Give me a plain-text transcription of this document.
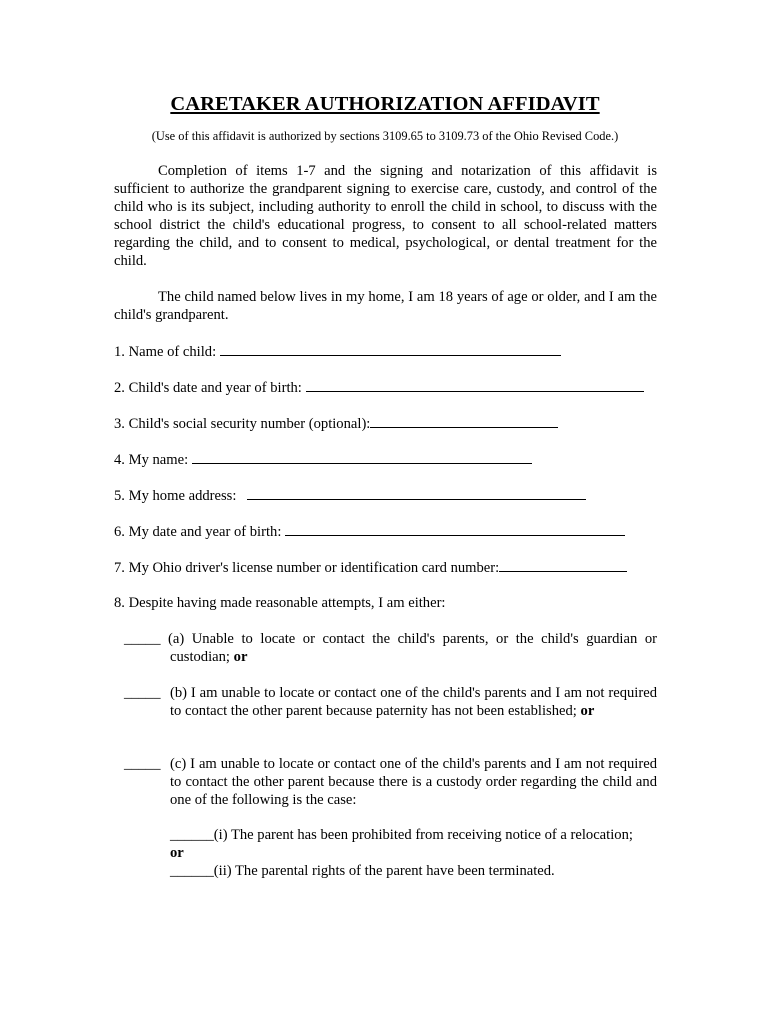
CARETAKER AUTHORIZATION AFFIDAVIT
(Use of this affidavit is authorized by sections 3109.65 to 3109.73 of the Ohio Revised Code.)
Completion of items 1-7 and the signing and notarization of this affidavit is sufficient to authorize the grandparent signing to exercise care, custody, and control of the child who is its subject, including authority to enroll the child in school, to discuss with the school district the child's educational progress, to consent to all school-related matters regarding the child, and to consent to medical, psychological, or dental treatment for the child.
The child named below lives in my home, I am 18 years of age or older, and I am the child's grandparent.
1. Name of child:
2. Child's date and year of birth:
3. Child's social security number (optional):
4. My name:
5. My home address:
6. My date and year of birth:
7. My Ohio driver's license number or identification card number:
8. Despite having made reasonable attempts, I am either:
_____ (a) Unable to locate or contact the child's parents, or the child's guardian or custodian; or
_____ (b) I am unable to locate or contact one of the child's parents and I am not required to contact the other parent because paternity has not been established; or
_____ (c) I am unable to locate or contact one of the child's parents and I am not required to contact the other parent because there is a custody order regarding the child and one of the following is the case:
______(i) The parent has been prohibited from receiving notice of a relocation;
or
______(ii) The parental rights of the parent have been terminated.
